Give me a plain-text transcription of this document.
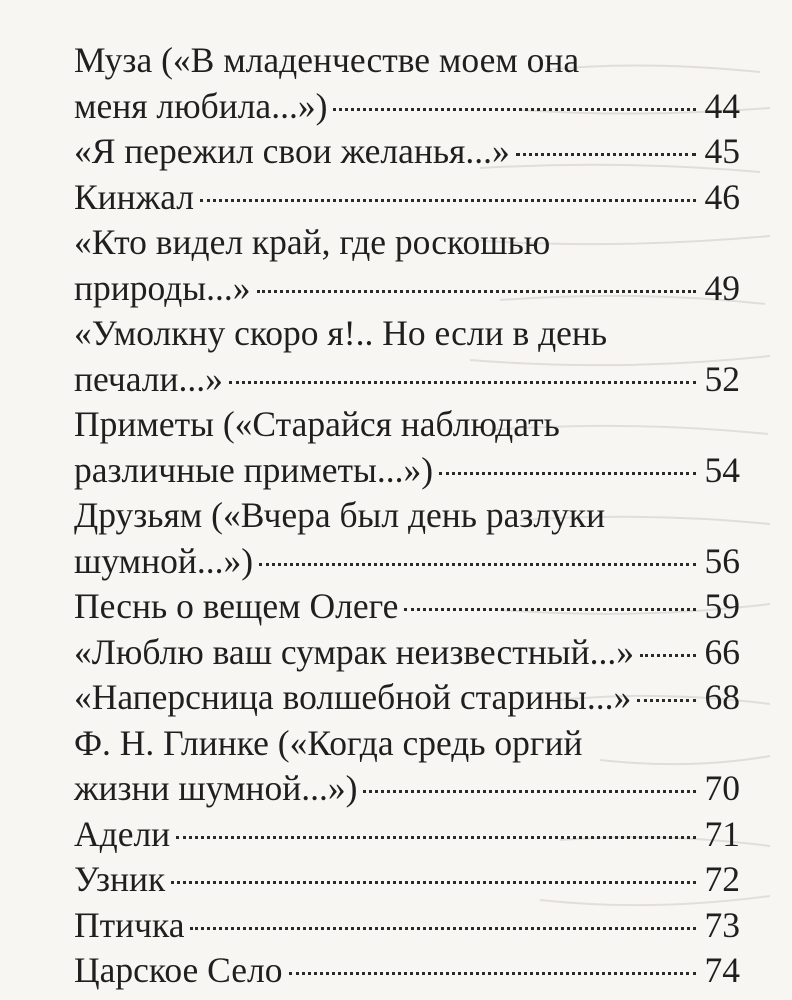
Муза («В младенчестве моем она
меня любила...»)	44
«Я пережил свои желанья...»	45
Кинжал	46
«Кто видел край, где роскошью
природы...»	49
«Умолкну скоро я!.. Но если в день
печали...»	52
Приметы («Старайся наблюдать
различные приметы...»)	54
Друзьям («Вчера был день разлуки
шумной...»)	56
Песнь о вещем Олеге	59
«Люблю ваш сумрак неизвестный...» 66
«Наперсница волшебной старины...» 68
Ф. Н. Глинке («Когда средь оргий
жизни шумной...»)	70
Адели	71
Узник	72
Птичка	73
Царское Село	74
